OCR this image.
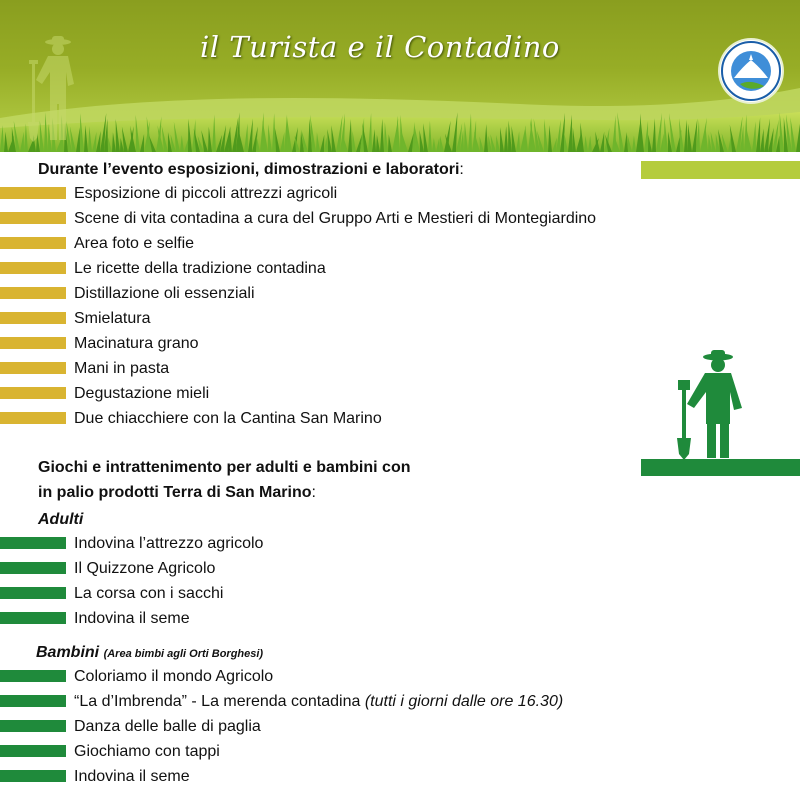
il Turista e il Contadino
Durante l’evento esposizioni, dimostrazioni e laboratori:
Esposizione di piccoli attrezzi agricoli
Scene di vita contadina a cura del Gruppo Arti e Mestieri di Montegiardino
Area foto e selfie
Le ricette della tradizione contadina
Distillazione oli essenziali
Smielatura
Macinatura grano
Mani in pasta
Degustazione mieli
Due chiacchiere con la Cantina San Marino
Giochi e intrattenimento per adulti e bambini con
in palio prodotti Terra di San Marino:
Adulti
Indovina l’attrezzo agricolo
Il Quizzone Agricolo
La corsa con i sacchi
Indovina il seme
Bambini (Area bimbi agli Orti Borghesi)
Coloriamo il mondo Agricolo
“La d’Imbrenda” - La merenda contadina (tutti i giorni dalle ore 16.30)
Danza delle balle di paglia
Giochiamo con tappi
Indovina il seme
